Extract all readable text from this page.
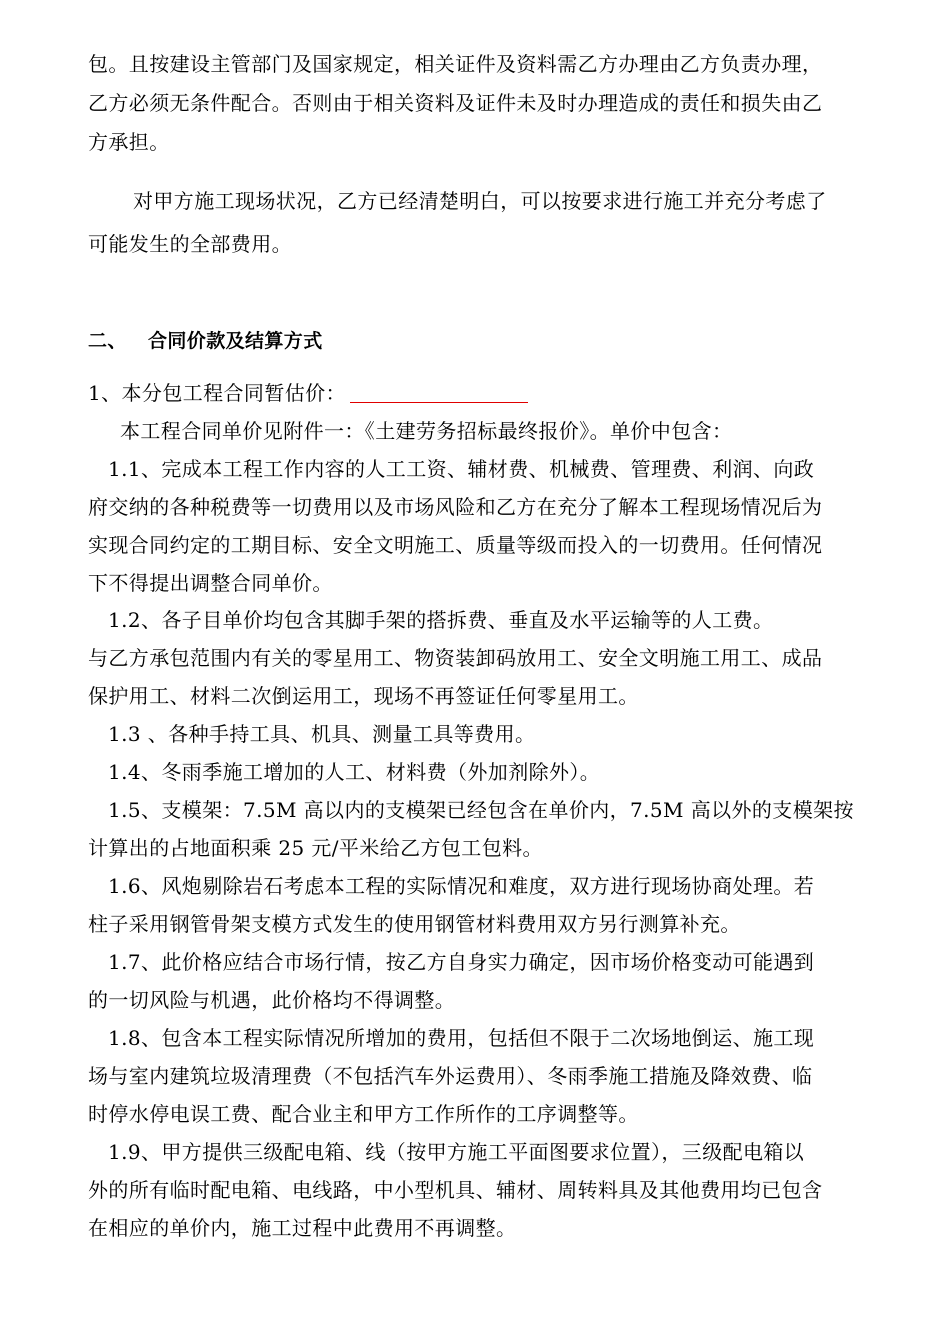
包。且按建设主管部门及国家规定，相关证件及资料需乙方办理由乙方负责办理，
乙方必须无条件配合。否则由于相关资料及证件未及时办理造成的责任和损失由乙
方承担。
对甲方施工现场状况，乙方已经清楚明白，可以按要求进行施工并充分考虑了
可能发生的全部费用。
二、 合同价款及结算方式
1、本分包工程合同暂估价：
本工程合同单价见附件一：《土建劳务招标最终报价》。单价中包含：
1.1、完成本工程工作内容的人工工资、辅材费、机械费、管理费、利润、向政
府交纳的各种税费等一切费用以及市场风险和乙方在充分了解本工程现场情况后为
实现合同约定的工期目标、安全文明施工、质量等级而投入的一切费用。任何情况
下不得提出调整合同单价。
1.2、各子目单价均包含其脚手架的搭拆费、垂直及水平运输等的人工费。
与乙方承包范围内有关的零星用工、物资装卸码放用工、安全文明施工用工、成品
保护用工、材料二次倒运用工，现场不再签证任何零星用工。
1.3 、各种手持工具、机具、测量工具等费用。
1.4、冬雨季施工增加的人工、材料费（外加剂除外）。
1.5、支模架：7.5M 高以内的支模架已经包含在单价内，7.5M 高以外的支模架按
计算出的占地面积乘 25 元/平米给乙方包工包料。
1.6、风炮剔除岩石考虑本工程的实际情况和难度，双方进行现场协商处理。若
柱子采用钢管骨架支模方式发生的使用钢管材料费用双方另行测算补充。
1.7、此价格应结合市场行情，按乙方自身实力确定，因市场价格变动可能遇到
的一切风险与机遇，此价格均不得调整。
1.8、包含本工程实际情况所增加的费用，包括但不限于二次场地倒运、施工现
场与室内建筑垃圾清理费（不包括汽车外运费用）、冬雨季施工措施及降效费、临
时停水停电误工费、配合业主和甲方工作所作的工序调整等。
1.9、甲方提供三级配电箱、线（按甲方施工平面图要求位置），三级配电箱以
外的所有临时配电箱、电线路，中小型机具、辅材、周转料具及其他费用均已包含
在相应的单价内，施工过程中此费用不再调整。
